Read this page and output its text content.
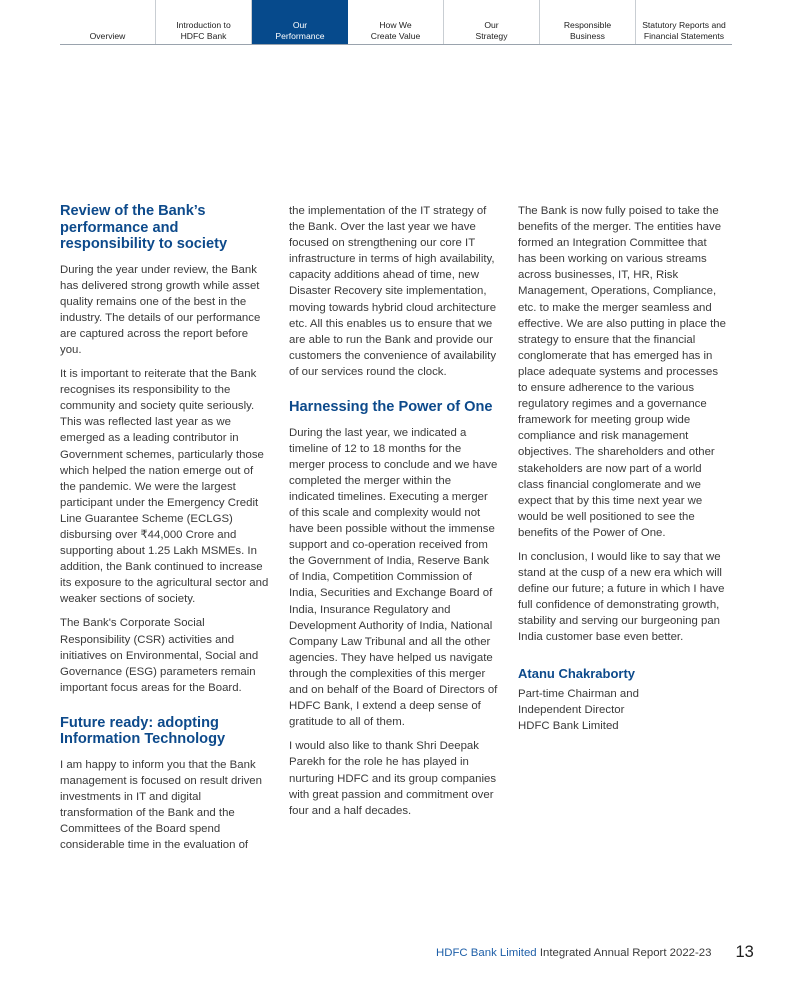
Overview
Introduction to
HDFC Bank
Our
Performance
How We
Create Value
Our
Strategy
Responsible
Business
Statutory Reports and
Financial Statements
Review of the Bank’s performance and responsibility to society

During the year under review, the Bank has delivered strong growth while asset quality remains one of the best in the industry. The details of our performance are captured across the report before you.

It is important to reiterate that the Bank recognises its responsibility to the community and society quite seriously. This was reflected last year as we emerged as a leading contributor in Government schemes, particularly those which helped the nation emerge out of the pandemic. We were the largest participant under the Emergency Credit Line Guarantee Scheme (ECLGS) disbursing over ₹44,000 Crore and supporting about 1.25 Lakh MSMEs. In addition, the Bank continued to increase its exposure to the agricultural sector and weaker sections of society.

The Bank's Corporate Social Responsibility (CSR) activities and initiatives on Environmental, Social and Governance (ESG) parameters remain important focus areas for the Board.

Future ready: adopting Information Technology

I am happy to inform you that the Bank management is focused on result driven investments in IT and digital transformation of the Bank and the Committees of the Board spend considerable time in the evaluation of

the implementation of the IT strategy of the Bank. Over the last year we have focused on strengthening our core IT infrastructure in terms of high availability, capacity additions ahead of time, new Disaster Recovery site implementation, moving towards hybrid cloud architecture etc. All this enables us to ensure that we are able to run the Bank and provide our customers the convenience of availability of our services round the clock.

Harnessing the Power of One

During the last year, we indicated a timeline of 12 to 18 months for the merger process to conclude and we have completed the merger within the indicated timelines. Executing a merger of this scale and complexity would not have been possible without the immense support and co-operation received from the Government of India, Reserve Bank of India, Competition Commission of India, Securities and Exchange Board of India, Insurance Regulatory and Development Authority of India, National Company Law Tribunal and all the other agencies. They have helped us navigate through the complexities of this merger and on behalf of the Board of Directors of HDFC Bank, I extend a deep sense of gratitude to all of them.

I would also like to thank Shri Deepak Parekh for the role he has played in nurturing HDFC and its group companies with great passion and commitment over four and a half decades.

The Bank is now fully poised to take the benefits of the merger. The entities have formed an Integration Committee that has been working on various streams across businesses, IT, HR, Risk Management, Operations, Compliance, etc. to make the merger seamless and effective. We are also putting in place the strategy to ensure that the financial conglomerate that has emerged has in place adequate systems and processes to ensure adherence to the various regulatory regimes and a governance framework for meeting group wide compliance and risk management objectives. The shareholders and other stakeholders are now part of a world class financial conglomerate and we expect that by this time next year we would be well positioned to see the benefits of the Power of One.

In conclusion, I would like to say that we stand at the cusp of a new era which will define our future; a future in which I have full confidence of demonstrating growth, stability and serving our burgeoning pan India customer base even better.

Atanu Chakraborty

Part-time Chairman and

Independent Director

HDFC Bank Limited

HDFC Bank Limited
Integrated Annual Report 2022-23 13
